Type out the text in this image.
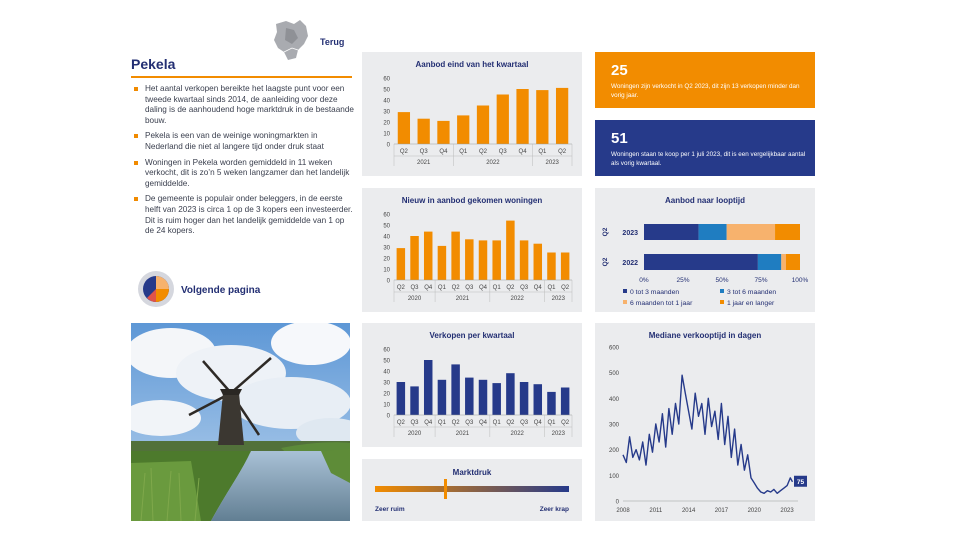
Terug
Pekela
Het aantal verkopen bereikte het laagste punt voor een tweede kwartaal sinds 2014, de aanleiding voor deze daling is de aanhoudend hoge marktdruk in de bestaande bouw.
Pekela is een van de weinige woningmarkten in Nederland die niet al langere tijd onder druk staat
Woningen in Pekela worden gemiddeld in 11 weken verkocht, dit is zo’n 5 weken langzamer dan het landelijk gemiddelde.
De gemeente is populair onder beleggers, in de eerste helft van 2023 is circa 1 op de 3 kopers een investeerder. Dit is ruim hoger dan het landelijk gemiddelde van 1 op de 24 kopers.
Volgende pagina
Aanbod eind van het kwartaal
0
10
20
30
40
50
60
Q2 Q3 Q4 Q1 Q2 Q3 Q4 Q1 Q2
2021	2022	2023
Nieuw in aanbod gekomen woningen
0
10
20
30
40
50
60
Q2 Q3 Q4 Q1 Q2 Q3 Q4 Q1 Q2 Q3 Q4 Q1 Q2
2020	2021	2022	2023
Verkopen per kwartaal
0
10
20
30
40
50
60
Q2 Q3 Q4 Q1 Q2 Q3 Q4 Q1 Q2 Q3 Q4 Q1 Q2
2020	2021	2022	2023
Marktdruk
Zeer ruim	Zeer krap
25
Woningen zijn verkocht in Q2 2023, dit zijn 13 verkopen minder dan vorig jaar.
51
Woningen staan te koop per 1 juli 2023, dit is een vergelijkbaar aantal als vorig kwartaal.
Aanbod naar looptijd
2023
Q2
2022
Q2
0%	25%	50%	75%	100%
0 tot 3 maanden	3 tot 6 maanden
6 maanden tot 1 jaar	1 jaar en langer
Mediane verkooptijd in dagen
0
100
200
300
400
500
600
2008	2011	2014	2017	2020	2023
75
